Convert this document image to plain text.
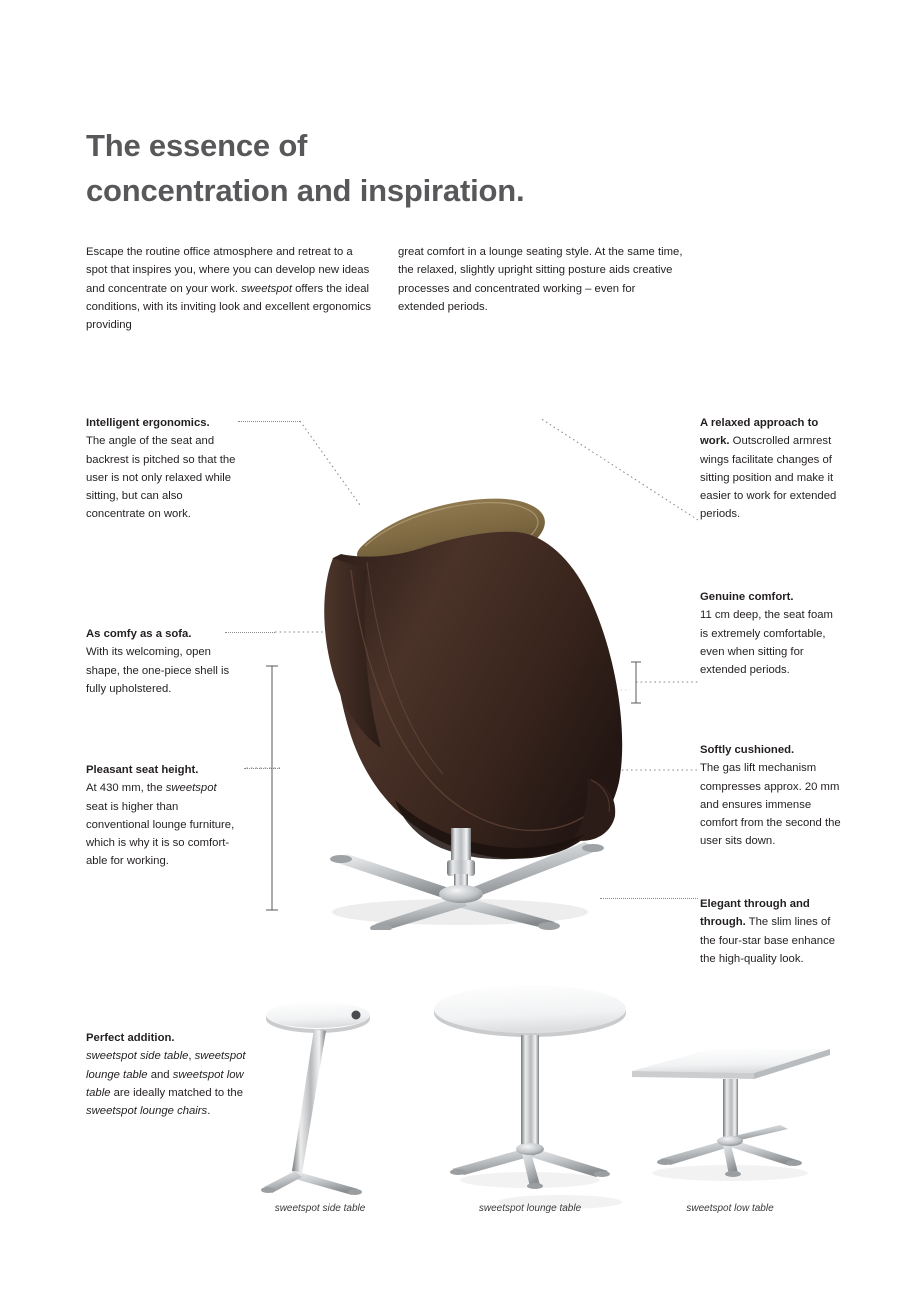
The essence of
concentration and inspiration.
Escape the routine office atmosphere and retreat to a spot that inspires you, where you can develop new ideas and concentrate on your work. sweetspot offers the ideal conditions, with its inviting look and excellent ergonomics providing
great comfort in a lounge seating style. At the same time, the relaxed, slightly upright sitting posture aids creative processes and concentrated working – even for extended periods.
Intelligent ergonomics.
The angle of the seat and backrest is pitched so that the user is not only relaxed while sitting, but can also concentrate on work.
As comfy as a sofa.
With its welcoming, open shape, the one-piece shell is fully upholstered.
Pleasant seat height.
At 430 mm, the sweetspot seat is higher than conventional lounge furniture, which is why it is so comfort-able for working.
A relaxed approach to work. Outscrolled armrest wings facilitate changes of sitting position and make it easier to work for extended periods.
Genuine comfort.
11 cm deep, the seat foam is extremely comfortable, even when sitting for extended periods.
Softly cushioned.
The gas lift mechanism compresses approx. 20 mm and ensures immense comfort from the second the user sits down.
Elegant through and through. The slim lines of the four-star base enhance the high-quality look.
Perfect addition.
sweetspot side table, sweetspot lounge table and sweetspot low table are ideally matched to the sweetspot lounge chairs.
sweetspot side table	sweetspot lounge table	sweetspot low table
